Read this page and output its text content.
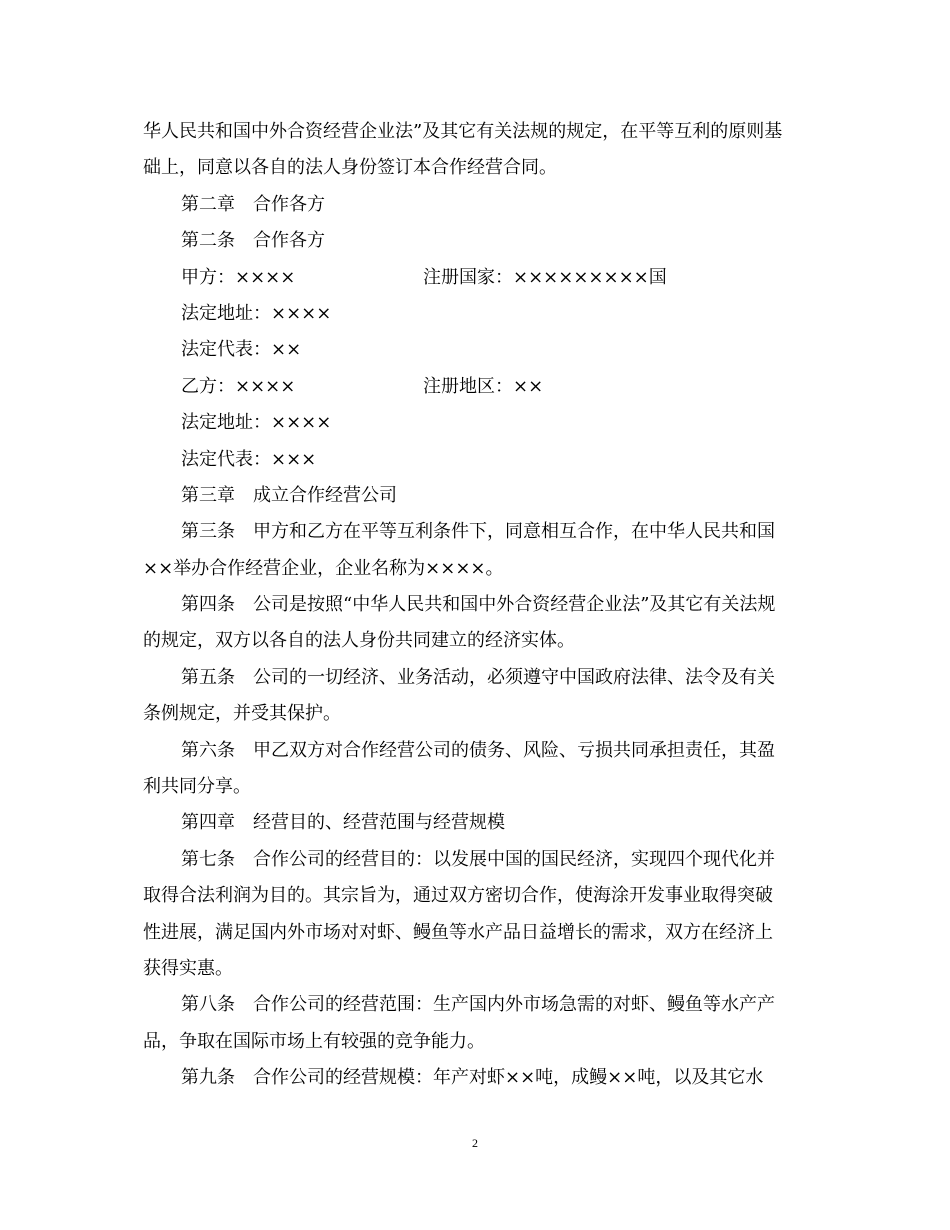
华人民共和国中外合资经营企业法”及其它有关法规的规定，在平等互利的原则基
础上，同意以各自的法人身份签订本合作经营合同。
第二章 合作各方
第二条 合作各方
甲方：××××	注册国家：×××××××××国
法定地址：××××
法定代表：××
乙方：××××	注册地区：××
法定地址：××××
法定代表：×××
第三章 成立合作经营公司
第三条 甲方和乙方在平等互利条件下，同意相互合作，在中华人民共和国
××举办合作经营企业，企业名称为××××。
第四条 公司是按照“中华人民共和国中外合资经营企业法”及其它有关法规
的规定，双方以各自的法人身份共同建立的经济实体。
第五条 公司的一切经济、业务活动，必须遵守中国政府法律、法令及有关
条例规定，并受其保护。
第六条 甲乙双方对合作经营公司的债务、风险、亏损共同承担责任，其盈
利共同分享。
第四章 经营目的、经营范围与经营规模
第七条 合作公司的经营目的：以发展中国的国民经济，实现四个现代化并
取得合法利润为目的。其宗旨为，通过双方密切合作，使海涂开发事业取得突破
性进展，满足国内外市场对对虾、鳗鱼等水产品日益增长的需求，双方在经济上
获得实惠。
第八条 合作公司的经营范围：生产国内外市场急需的对虾、鳗鱼等水产产
品，争取在国际市场上有较强的竞争能力。
第九条 合作公司的经营规模：年产对虾××吨，成鳗××吨，以及其它水
2
